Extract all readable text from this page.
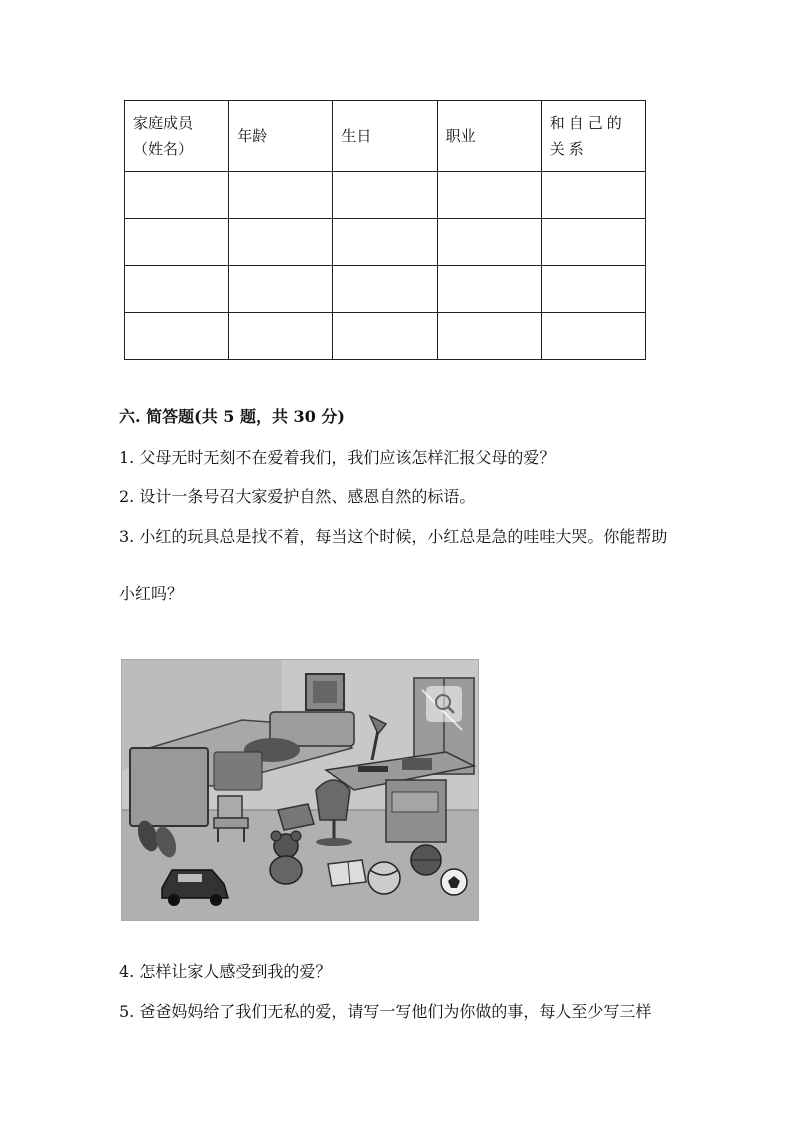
家庭成员（姓名）	年龄	生日	职业	和自己的关系

六. 简答题(共 5 题，共 30 分)
1. 父母无时无刻不在爱着我们，我们应该怎样汇报父母的爱？
2. 设计一条号召大家爱护自然、感恩自然的标语。
3. 小红的玩具总是找不着，每当这个时候，小红总是急的哇哇大哭。你能帮助
小红吗？
4. 怎样让家人感受到我的爱？
5. 爸爸妈妈给了我们无私的爱，请写一写他们为你做的事，每人至少写三样
